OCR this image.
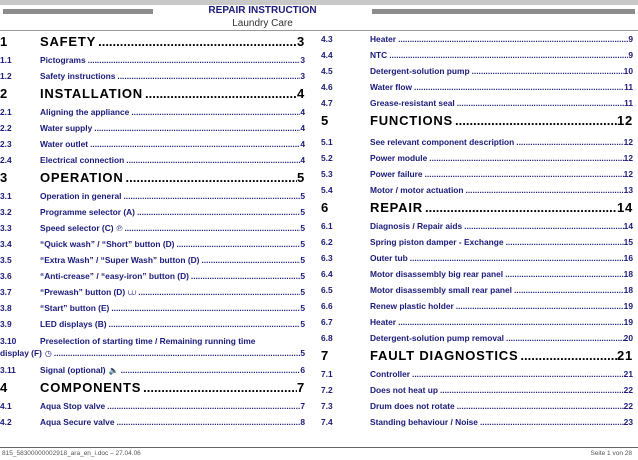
REPAIR INSTRUCTION
Laundry Care
1	SAFETY .....	3
1.1	Pictograms .....	3
1.2	Safety instructions .....	3
2	INSTALLATION .....	4
2.1	Aligning the appliance .....	4
2.2	Water supply .....	4
2.3	Water outlet .....	4
2.4	Electrical connection .....	4
3	OPERATION .....	5
3.1	Operation in general .....	5
3.2	Programme selector (A) .....	5
3.3	Speed selector (C) ℗ .....	5
3.4	“Quick wash” / “Short” button (D) .....	5
3.5	“Extra Wash” / “Super Wash” button (D) .....	5
3.6	“Anti-crease” / “easy-iron” button (D) .....	5
3.7	“Prewash” button (D) ⩊ .....	5
3.8	“Start” button (E) .....	5
3.9	LED displays (B) .....	5
3.10	Preselection of starting time / Remaining running time
display (F) ◷ .....	5
3.11	Signal (optional) 🔈 .....	6
4	COMPONENTS .....	7
4.1	Aqua Stop valve .....	7
4.2	Aqua Secure valve .....	8
4.3	Heater .....	9
4.4	NTC .....	9
4.5	Detergent-solution pump .....	10
4.6	Water flow .....	11
4.7	Grease-resistant seal .....	11
5	FUNCTIONS .....	12
5.1	See relevant component description .....	12
5.2	Power module .....	12
5.3	Power failure .....	12
5.4	Motor / motor actuation .....	13
6	REPAIR .....	14
6.1	Diagnosis / Repair aids .....	14
6.2	Spring piston damper - Exchange .....	15
6.3	Outer tub .....	16
6.4	Motor disassembly big rear panel .....	18
6.5	Motor disassembly small rear panel .....	18
6.6	Renew plastic holder .....	19
6.7	Heater .....	19
6.8	Detergent-solution pump removal .....	20
7	FAULT DIAGNOSTICS .....	21
7.1	Controller .....	21
7.2	Does not heat up .....	22
7.3	Drum does not rotate .....	22
7.4	Standing behaviour / Noise .....	23
815_58300000002918_ara_en_i.doc – 27.04.06	Seite 1 von 28
